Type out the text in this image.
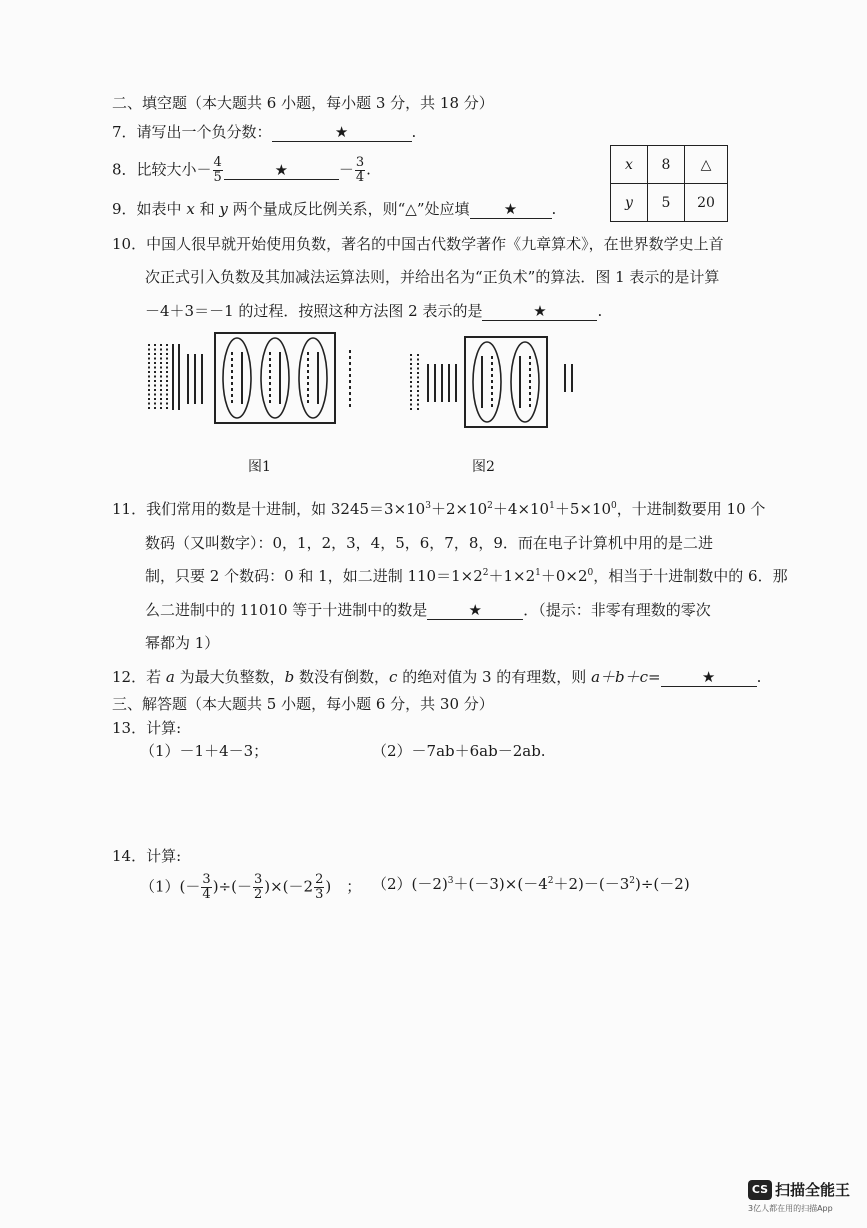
二、填空题（本大题共 6 小题，每小题 3 分，共 18 分）
7．请写出一个负分数：	★	.
8．比较大小－ $\frac{4}{5}$	★	－ $\frac{3}{4}$ .
9．如表中 x 和 y 两个量成反比例关系，则“△”处应填 ★ .
x	8	△
y	5	20
10．中国人很早就开始使用负数，著名的中国古代数学著作《九章算术》，在世界数学史上首
次正式引入负数及其加减法运算法则，并给出名为“正负术”的算法．图 1 表示的是计算
－4＋3＝－1 的过程．按照这种方法图 2 表示的是	★	.
图1	图2
11．我们常用的数是十进制，如 $3245=3\times 10^3+2\times 10^2+4\times 10^1+5\times 10^0$，十进制数要用 10 个
数码（又叫数字）：0，1，2，3，4，5，6，7，8，9．而在电子计算机中用的是二进
制，只要 2 个数码：0 和 1，如二进制 $110=1\times 2^2+1\times 2^1+0\times 2^0$，相当于十进制数中的 6．那
么二进制中的 11010 等于十进制中的数是	★	．（提示：非零有理数的零次
幂都为 1）
12．若 a 为最大负整数，b 数没有倒数，c 的绝对值为 3 的有理数，则 a＋b＋c=	★	.
三、解答题（本大题共 5 小题，每小题 6 分，共 30 分）
13．计算:
（1）－1＋4－3；	（2）－7ab＋6ab－2ab.
14．计算:
$(1)(- \frac{3}{4}$ )÷(－ $\frac{3}{2} )\times(-2 \frac{2}{3}$ )　； $(2)(-2)^3+(-3)\times(-4^2+2)-(-3^2)\div(-2)$
CS 扫描全能王
3亿人都在用的扫描App
